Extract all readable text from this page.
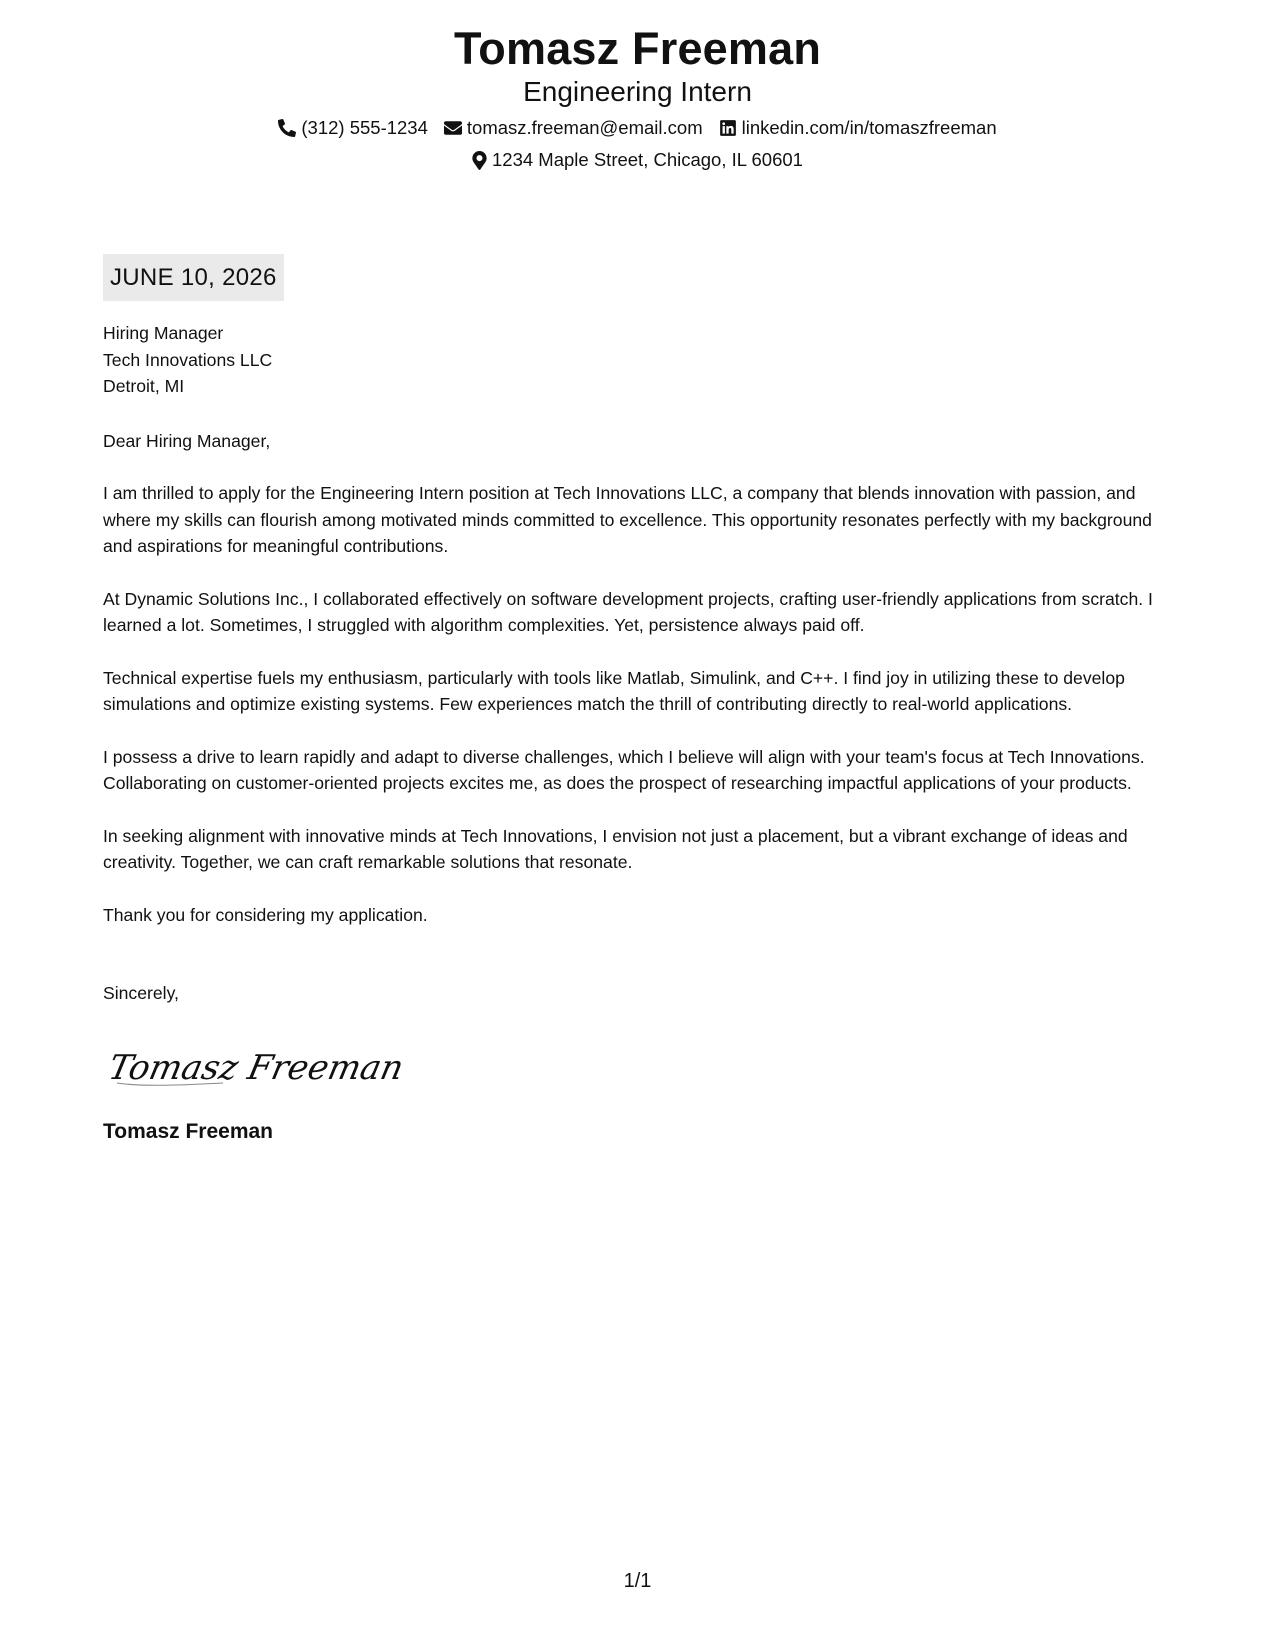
Tomasz Freeman
Engineering Intern
(312) 555-1234 tomasz.freeman@email.com linkedin.com/in/tomaszfreeman
1234 Maple Street, Chicago, IL 60601
JUNE 10, 2026
Hiring Manager
Tech Innovations LLC
Detroit, MI
Dear Hiring Manager,
I am thrilled to apply for the Engineering Intern position at Tech Innovations LLC, a company that blends innovation with passion, and where my skills can flourish among motivated minds committed to excellence. This opportunity resonates perfectly with my background and aspirations for meaningful contributions.
At Dynamic Solutions Inc., I collaborated effectively on software development projects, crafting user-friendly applications from scratch. I learned a lot. Sometimes, I struggled with algorithm complexities. Yet, persistence always paid off.
Technical expertise fuels my enthusiasm, particularly with tools like Matlab, Simulink, and C++. I find joy in utilizing these to develop simulations and optimize existing systems. Few experiences match the thrill of contributing directly to real-world applications.
I possess a drive to learn rapidly and adapt to diverse challenges, which I believe will align with your team's focus at Tech Innovations. Collaborating on customer-oriented projects excites me, as does the prospect of researching impactful applications of your products.
In seeking alignment with innovative minds at Tech Innovations, I envision not just a placement, but a vibrant exchange of ideas and creativity. Together, we can craft remarkable solutions that resonate.
Thank you for considering my application.
Sincerely,
Tomasz Freeman
Tomasz Freeman
1/1
